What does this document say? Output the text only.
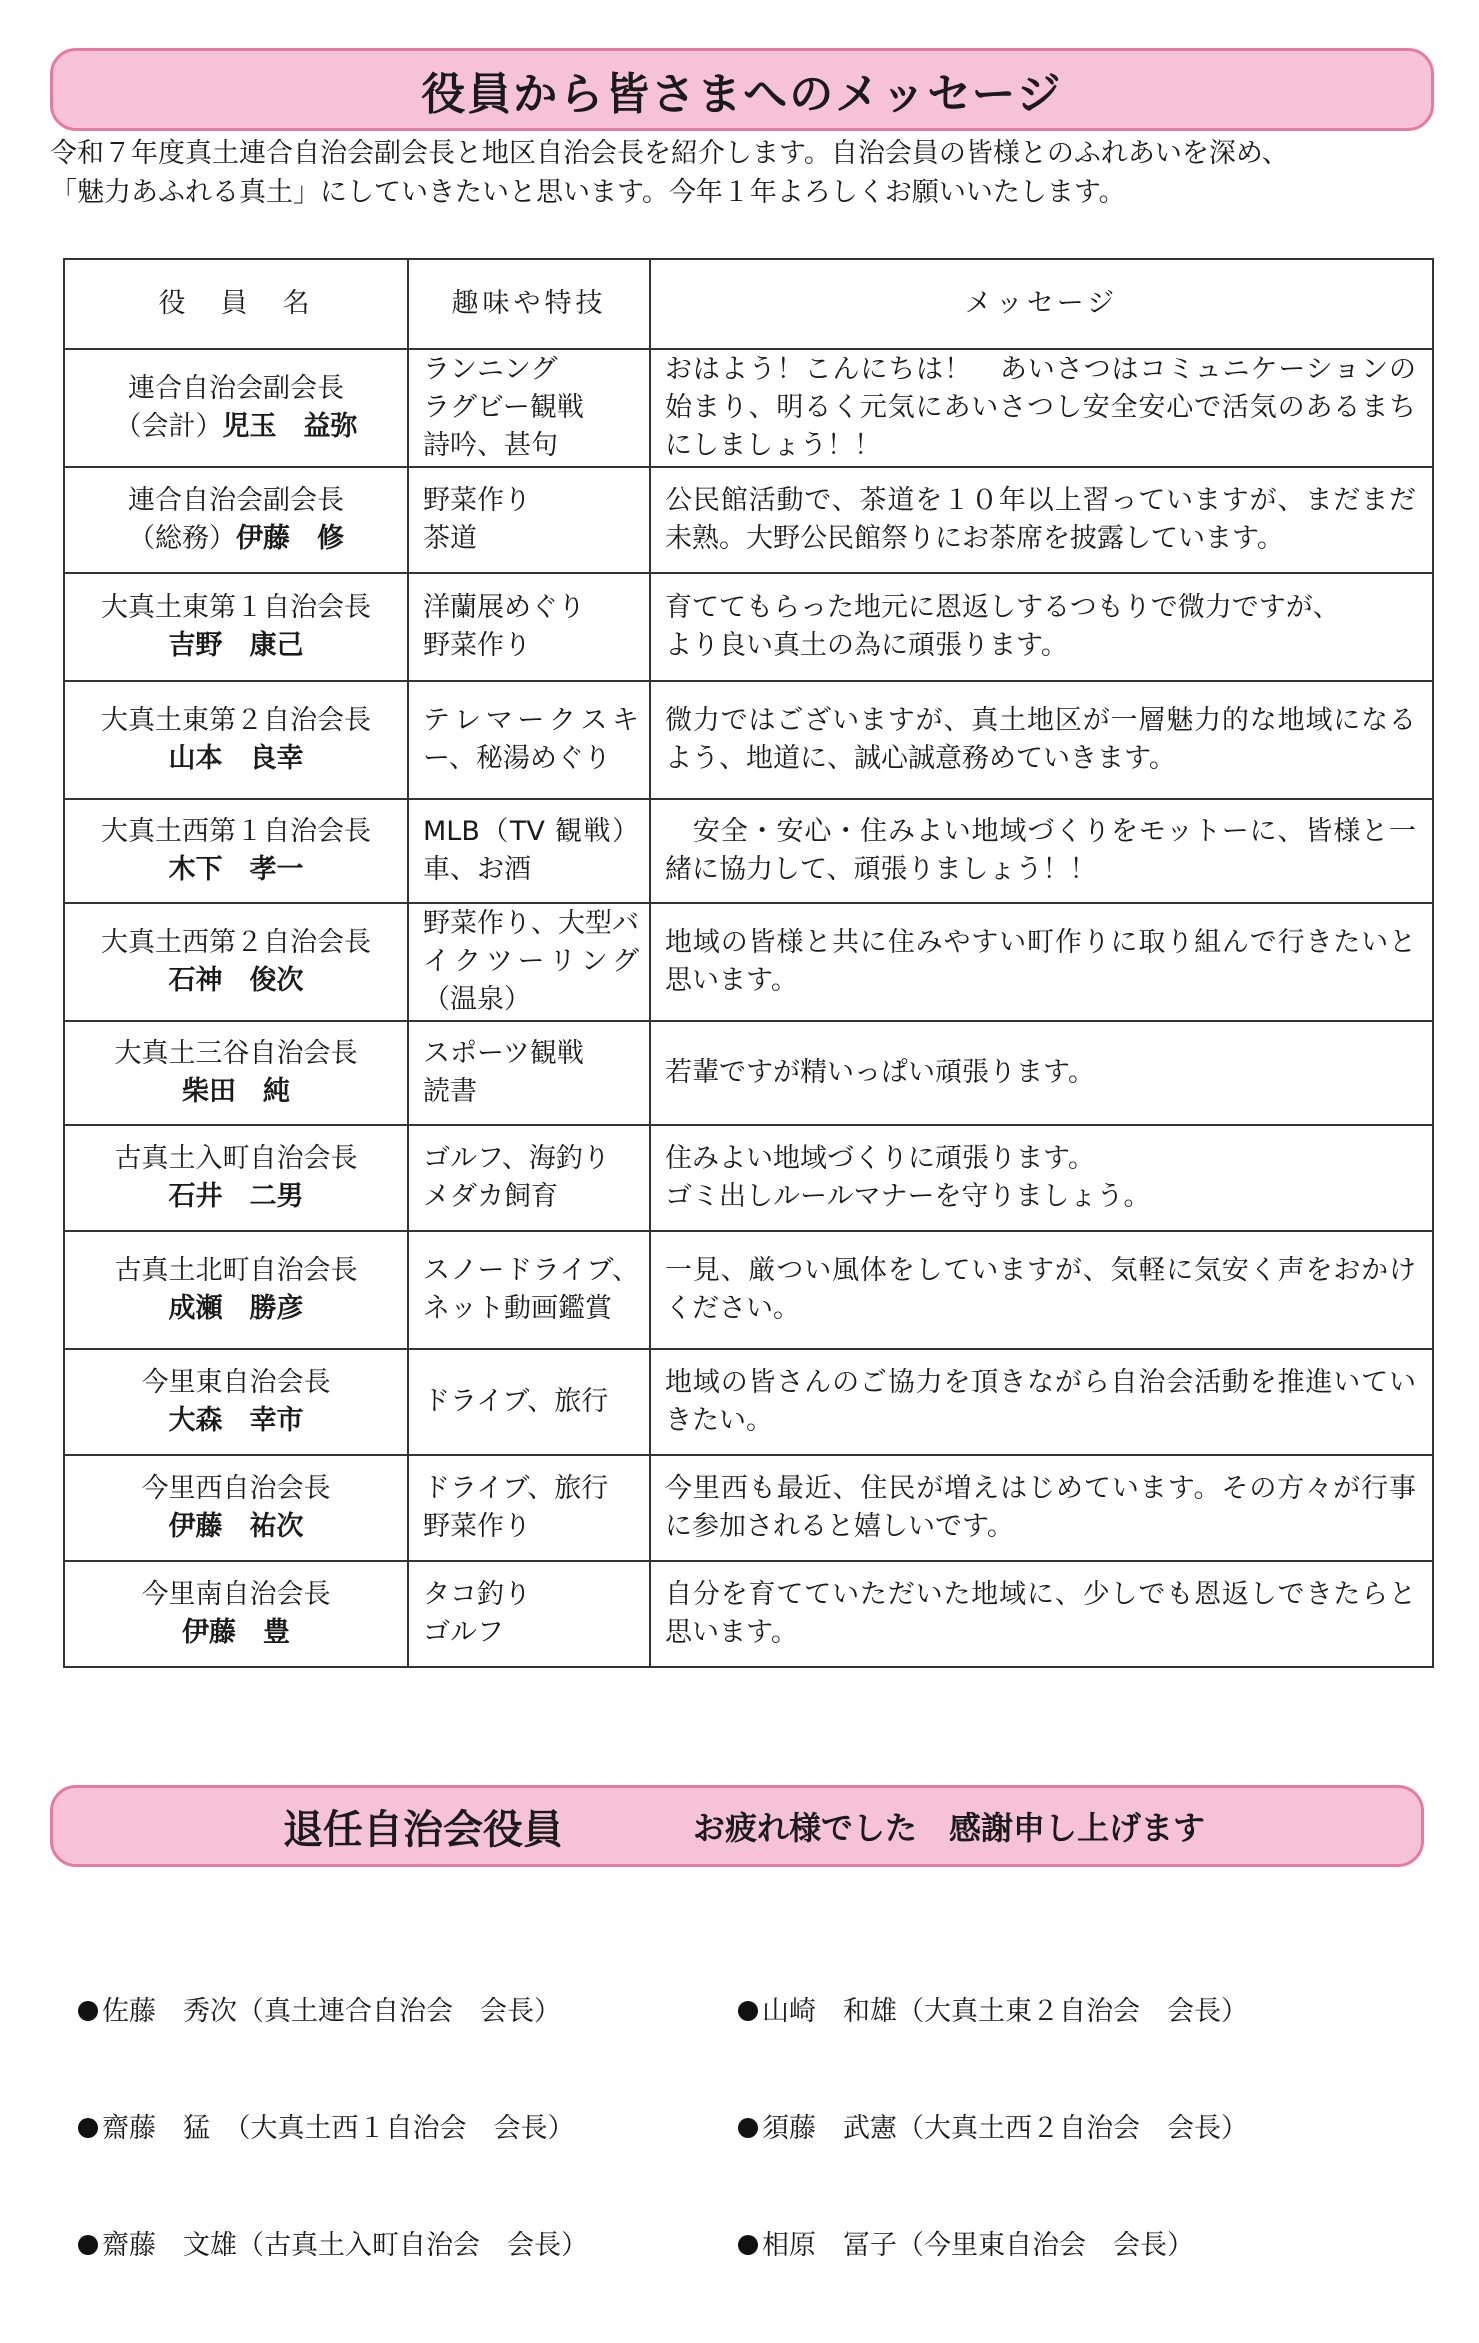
役員から皆さまへのメッセージ
令和７年度真土連合自治会副会長と地区自治会長を紹介します。自治会員の皆様とのふれあいを深め、
「魅力あふれる真土」にしていきたいと思います。今年１年よろしくお願いいたします。
役　員　名	趣味や特技	メッセージ

連合自治会副会長
（会計）児玉　益弥	ランニング
ラグビー観戦
詩吟、甚句	おはよう！こんにちは！　あいさつはコミュニケーションの始まり、明るく元気にあいさつし安全安心で活気のあるまちにしましょう！！

連合自治会副会長
（総務）伊藤　修	野菜作り
茶道	公民館活動で、茶道を１０年以上習っていますが、まだまだ未熟。大野公民館祭りにお茶席を披露しています。

大真土東第１自治会長
吉野　康己	洋蘭展めぐり
野菜作り	育ててもらった地元に恩返しするつもりで微力ですが、
より良い真土の為に頑張ります。

大真土東第２自治会長
山本　良幸	テレマークスキー、秘湯めぐり	微力ではございますが、真土地区が一層魅力的な地域になるよう、地道に、誠心誠意務めていきます。

大真土西第１自治会長
木下　孝一	MLB（TV 観戦）車、お酒	　安全・安心・住みよい地域づくりをモットーに、皆様と一緒に協力して、頑張りましょう！！

大真土西第２自治会長
石神　俊次	野菜作り、大型バイクツーリング（温泉）	地域の皆様と共に住みやすい町作りに取り組んで行きたいと思います。

大真土三谷自治会長
柴田　純	スポーツ観戦
読書	若輩ですが精いっぱい頑張ります。

古真土入町自治会長
石井　二男	ゴルフ、海釣り
メダカ飼育	住みよい地域づくりに頑張ります。
ゴミ出しルールマナーを守りましょう。

古真土北町自治会長
成瀬　勝彦	スノードライブ、ネット動画鑑賞	一見、厳つい風体をしていますが、気軽に気安く声をおかけください。

今里東自治会長
大森　幸市	ドライブ、旅行	地域の皆さんのご協力を頂きながら自治会活動を推進いていきたい。

今里西自治会長
伊藤　祐次	ドライブ、旅行
野菜作り	今里西も最近、住民が増えはじめています。その方々が行事に参加されると嬉しいです。

今里南自治会長
伊藤　豊	タコ釣り
ゴルフ	自分を育てていただいた地域に、少しでも恩返しできたらと思います。
退任自治会役員	お疲れ様でした　感謝申し上げます

佐藤　秀次（真土連合自治会　会長）

齋藤　猛　（大真土西１自治会　会長）

齋藤　文雄（古真土入町自治会　会長）

山崎　和雄（大真土東２自治会　会長）

須藤　武憲（大真土西２自治会　会長）

相原　冨子（今里東自治会　会長）
